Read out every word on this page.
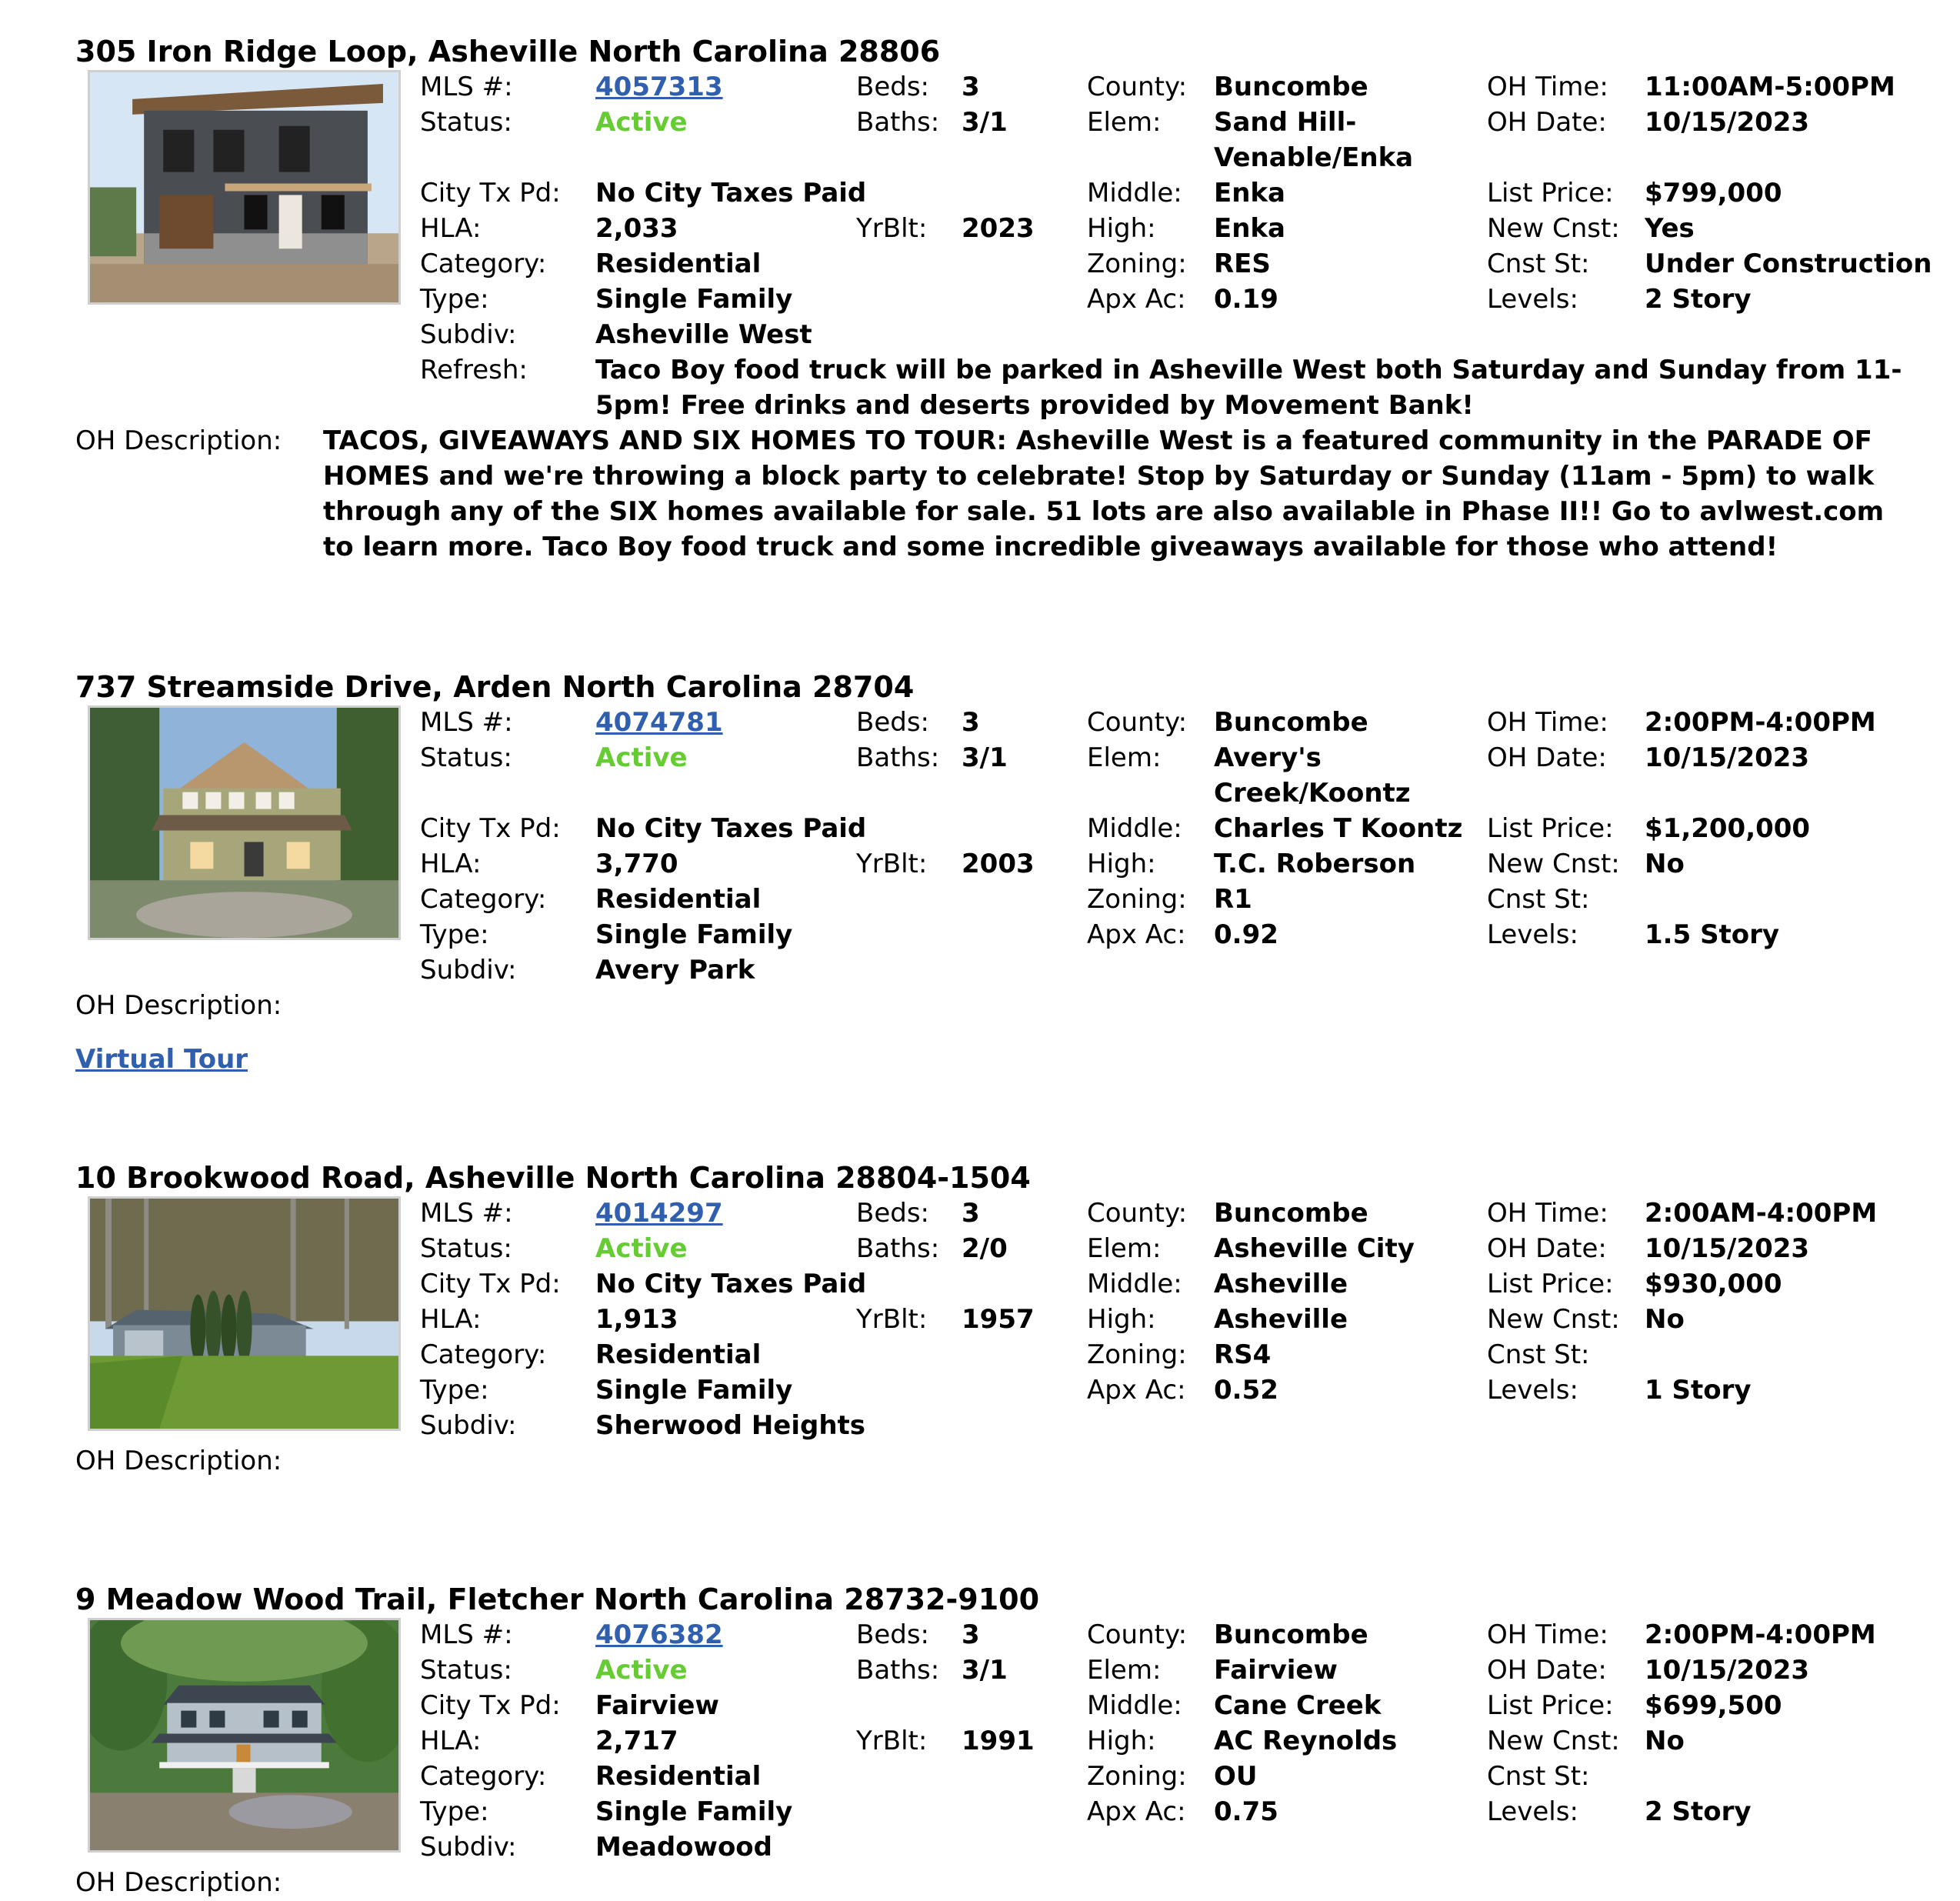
305 Iron Ridge Loop, Asheville North Carolina 28806
MLS #:	4057313
Status:	Active
City Tx Pd: No City Taxes Paid
HLA:	2,033
Category: Residential
Type:	Single Family
Subdiv:	Asheville West
Refresh:	Taco Boy food truck will be parked in Asheville West both Saturday and Sunday from 11-5pm! Free drinks and deserts provided by Movement Bank!
Beds: 3
Baths: 3/1
YrBlt: 2023
County: Buncombe
Elem: Sand Hill-Venable/Enka
Middle: Enka
High: Enka
Zoning: RES
Apx Ac: 0.19
OH Time: 11:00AM-5:00PM
OH Date: 10/15/2023
List Price: $799,000
New Cnst: Yes
Cnst St: Under Construction
Levels:	2 Story
OH Description: TACOS, GIVEAWAYS AND SIX HOMES TO TOUR: Asheville West is a featured community in the PARADE OF HOMES and we're throwing a block party to celebrate! Stop by Saturday or Sunday (11am - 5pm) to walk through any of the SIX homes available for sale. 51 lots are also available in Phase II!! Go to avlwest.com to learn more. Taco Boy food truck and some incredible giveaways available for those who attend!
737 Streamside Drive, Arden North Carolina 28704
MLS #:	4074781
Status:	Active
City Tx Pd: No City Taxes Paid
HLA:	3,770
Category: Residential
Type:	Single Family
Subdiv:	Avery Park
Beds: 3
Baths: 3/1
YrBlt: 2003
County: Buncombe
Elem: Avery's Creek/Koontz
Middle: Charles T Koontz
High: T.C. Roberson
Zoning: R1
Apx Ac: 0.92
OH Time: 2:00PM-4:00PM
OH Date: 10/15/2023
List Price: $1,200,000
New Cnst: No
Cnst St:
Levels:	1.5 Story
OH Description:
Virtual Tour
10 Brookwood Road, Asheville North Carolina 28804-1504
MLS #:	4014297
Status:	Active
City Tx Pd: No City Taxes Paid
HLA:	1,913
Category: Residential
Type:	Single Family
Subdiv:	Sherwood Heights
Beds: 3
Baths: 2/0
YrBlt: 1957
County: Buncombe
Elem: Asheville City
Middle: Asheville
High: Asheville
Zoning: RS4
Apx Ac: 0.52
OH Time: 2:00AM-4:00PM
OH Date: 10/15/2023
List Price: $930,000
New Cnst: No
Cnst St:
Levels:	1 Story
OH Description:
9 Meadow Wood Trail, Fletcher North Carolina 28732-9100
MLS #:	4076382
Status:	Active
City Tx Pd: Fairview
HLA:	2,717
Category: Residential
Type:	Single Family
Subdiv:	Meadowood
Beds: 3
Baths: 3/1
YrBlt: 1991
County: Buncombe
Elem: Fairview
Middle: Cane Creek
High: AC Reynolds
Zoning: OU
Apx Ac: 0.75
OH Time: 2:00PM-4:00PM
OH Date: 10/15/2023
List Price: $699,500
New Cnst: No
Cnst St:
Levels:	2 Story
OH Description:
